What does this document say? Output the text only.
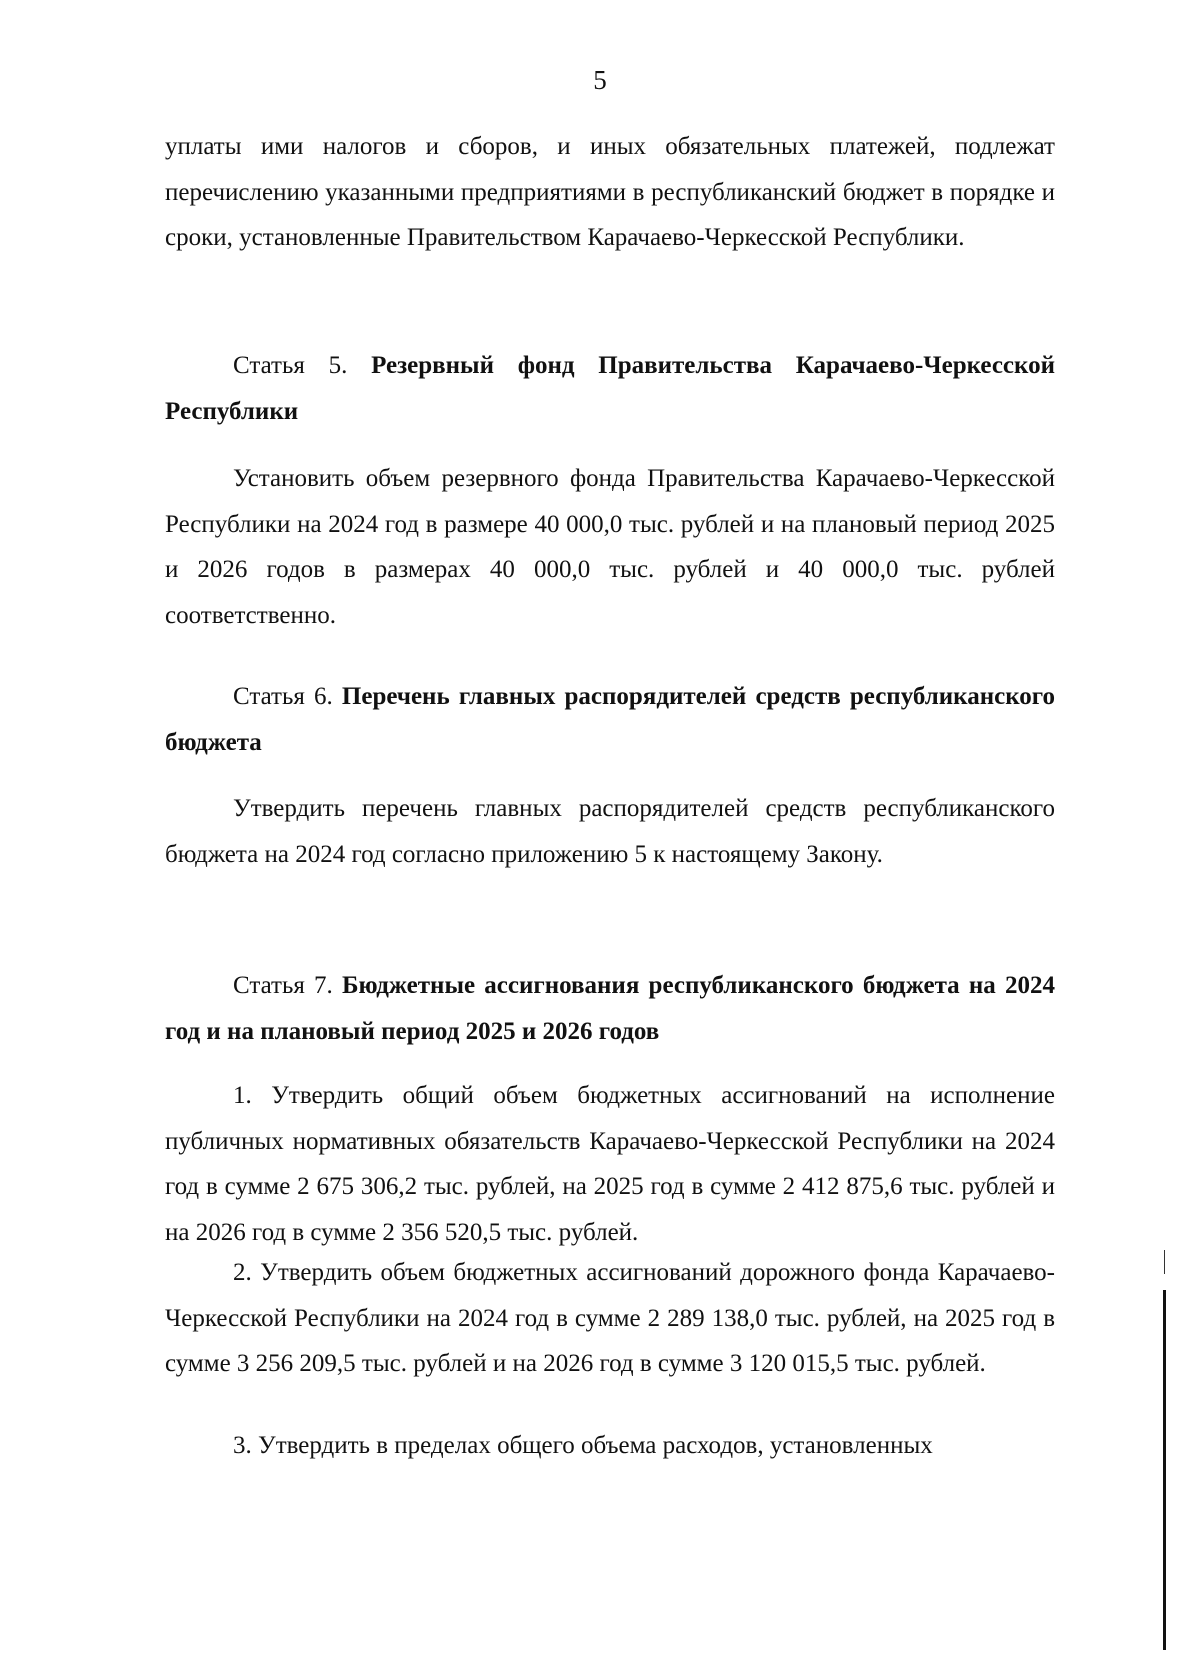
5

уплаты ими налогов и сборов, и иных обязательных платежей, подлежат перечислению указанными предприятиями в республиканский бюджет в порядке и сроки, установленные Правительством Карачаево-Черкесской Республики.

Статья 5. Резервный фонд Правительства Карачаево-Черкесской Республики

Установить объем резервного фонда Правительства Карачаево-Черкесской Республики на 2024 год в размере 40 000,0 тыс. рублей и на плановый период 2025 и 2026 годов в размерах 40 000,0 тыс. рублей и 40 000,0 тыс. рублей соответственно.

Статья 6. Перечень главных распорядителей средств республиканского бюджета

Утвердить перечень главных распорядителей средств республиканского бюджета на 2024 год согласно приложению 5 к настоящему Закону.

Статья 7. Бюджетные ассигнования республиканского бюджета на 2024 год и на плановый период 2025 и 2026 годов

1. Утвердить общий объем бюджетных ассигнований на исполнение публичных нормативных обязательств Карачаево-Черкесской Республики на 2024 год в сумме 2 675 306,2 тыс. рублей, на 2025 год в сумме 2 412 875,6 тыс. рублей и на 2026 год в сумме 2 356 520,5 тыс. рублей.

2. Утвердить объем бюджетных ассигнований дорожного фонда Карачаево-Черкесской Республики на 2024 год в сумме 2 289 138,0 тыс. рублей, на 2025 год в сумме 3 256 209,5 тыс. рублей и на 2026 год в сумме 3 120 015,5 тыс. рублей.

3. Утвердить в пределах общего объема расходов, установленных
